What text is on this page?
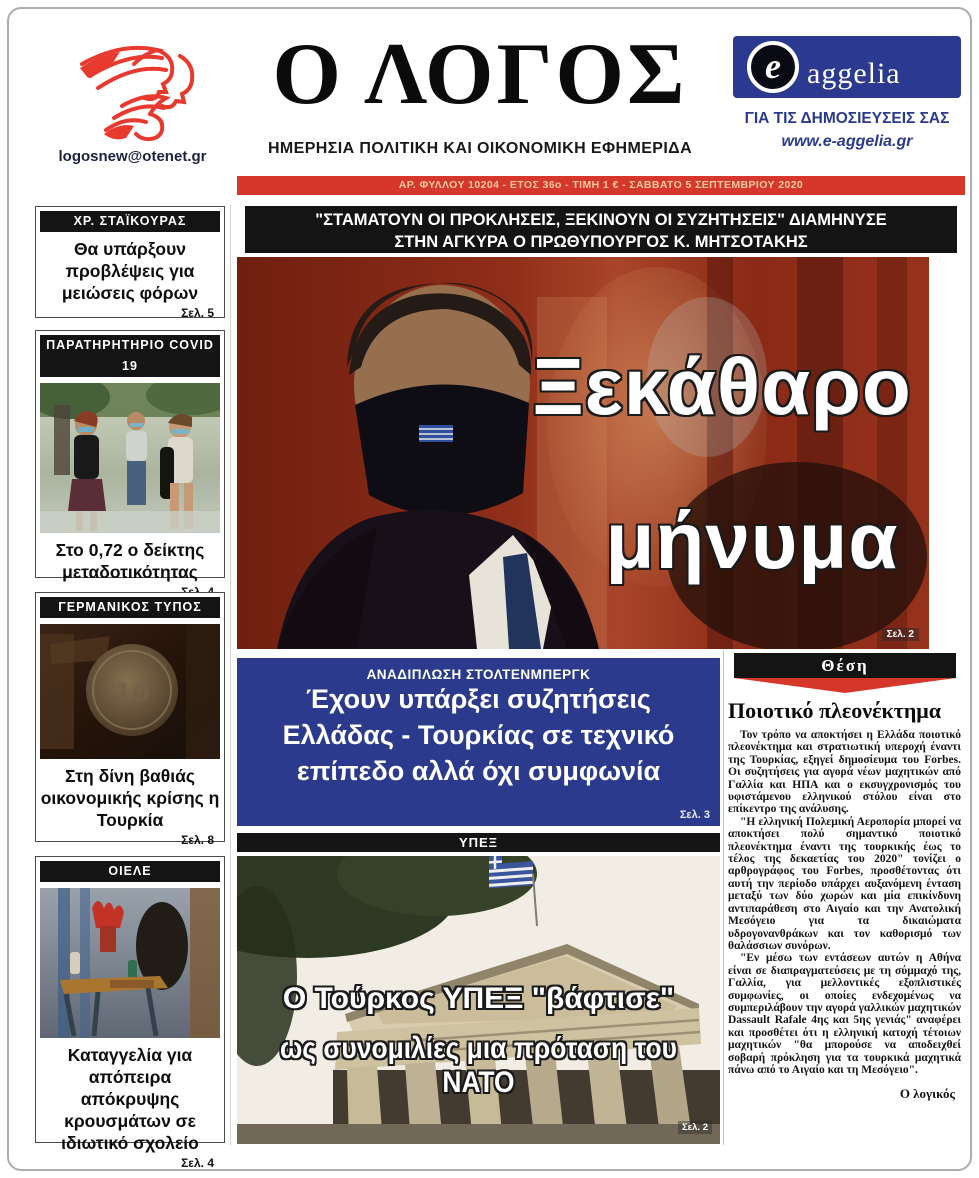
logosnew@otenet.gr
Ο ΛΟΓΟΣ
ΗΜΕΡΗΣΙΑ ΠΟΛΙΤΙΚΗ ΚΑΙ ΟΙΚΟΝΟΜΙΚΗ ΕΦΗΜΕΡΙΔΑ
e aggelia
ΓΙΑ ΤΙΣ ΔΗΜΟΣΙΕΥΣΕΙΣ ΣΑΣ
www.e-aggelia.gr
ΑΡ. ΦΥΛΛΟΥ 10204 - ΕΤΟΣ 36ο - ΤΙΜΗ 1 € - ΣΑΒΒΑΤΟ 5 ΣΕΠΤΕΜΒΡΙΟΥ 2020
ΧΡ. ΣΤΑΪΚΟΥΡΑΣ
Θα υπάρξουν προβλέψεις για μειώσεις φόρων
Σελ. 5
ΠΑΡΑΤΗΡΗΤΗΡΙΟ COVID 19
Στο 0,72 ο δείκτης μεταδοτικότητας
ΓΕΡΜΑΝΙΚΟΣ ΤΥΠΟΣ
10
Στη δίνη βαθιάς οικονομικής κρίσης η Τουρκία
Σελ. 8
ΟΙΕΛΕ
Καταγγελία για απόπειρα απόκρυψης κρουσμάτων σε ιδιωτικό σχολείο
Σελ. 4
"ΣΤΑΜΑΤΟΥΝ ΟΙ ΠΡΟΚΛΗΣΕΙΣ, ΞΕΚΙΝΟΥΝ ΟΙ ΣΥΖΗΤΗΣΕΙΣ" ΔΙΑΜΗΝΥΣΕ
ΣΤΗΝ ΑΓΚΥΡΑ Ο ΠΡΩΘΥΠΟΥΡΓΟΣ Κ. ΜΗΤΣΟΤΑΚΗΣ
Ξεκάθαρο
μήνυμα
Σελ. 2
ΑΝΑΔΙΠΛΩΣΗ ΣΤΟΛΤΕΝΜΠΕΡΓΚ
Έχουν υπάρξει συζητήσεις
Ελλάδας - Τουρκίας σε τεχνικό
επίπεδο αλλά όχι συμφωνία
Σελ. 3
ΥΠΕΞ
Ο Τούρκος ΥΠΕΞ "βάφτισε"
ως συνομιλίες μια πρόταση του ΝΑΤΟ
Σελ. 2
Θέση
Ποιοτικό πλεονέκτημα

Τον τρόπο να αποκτήσει η Ελλάδα ποιοτικό πλεονέκτημα και στρατιωτική υπεροχή έναντι της Τουρκίας, εξηγεί δημοσίευμα του Forbes. Οι συζητήσεις για αγορά νέων μαχητικών από Γαλλία και ΗΠΑ και ο εκσυγχρονισμός του υφιστάμενου ελληνικού στόλου είναι στο επίκεντρο της ανάλυσης.

"Η ελληνική Πολεμική Αεροπορία μπορεί να αποκτήσει πολύ σημαντικό ποιοτικό πλεονέκτημα έναντι της τουρκικής έως το τέλος της δεκαετίας του 2020" τονίζει ο αρθρογράφος του Forbes, προσθέτοντας ότι αυτή την περίοδο υπάρχει αυξανόμενη ένταση μεταξύ των δύο χωρών και μία επικίνδυνη αντιπαράθεση στο Αιγαίο και την Ανατολική Μεσόγειο για τα δικαιώματα υδρογονανθράκων και τον καθορισμό των θαλάσσιων συνόρων.

"Εν μέσω των εντάσεων αυτών η Αθήνα είναι σε διαπραγματεύσεις με τη σύμμαχό της, Γαλλία, για μελλοντικές εξοπλιστικές συμφωνίες, οι οποίες ενδεχομένως να συμπεριλάβουν την αγορά γαλλικών μαχητικών Dassault Rafale 4ης και 5ης γενιάς" αναφέρει και προσθέτει ότι η ελληνική κατοχή τέτοιων μαχητικών "θα μπορούσε να αποδειχθεί σοβαρή πρόκληση για τα τουρκικά μαχητικά πάνω από το Αιγαίο και τη Μεσόγειο".

Ο λογικός
